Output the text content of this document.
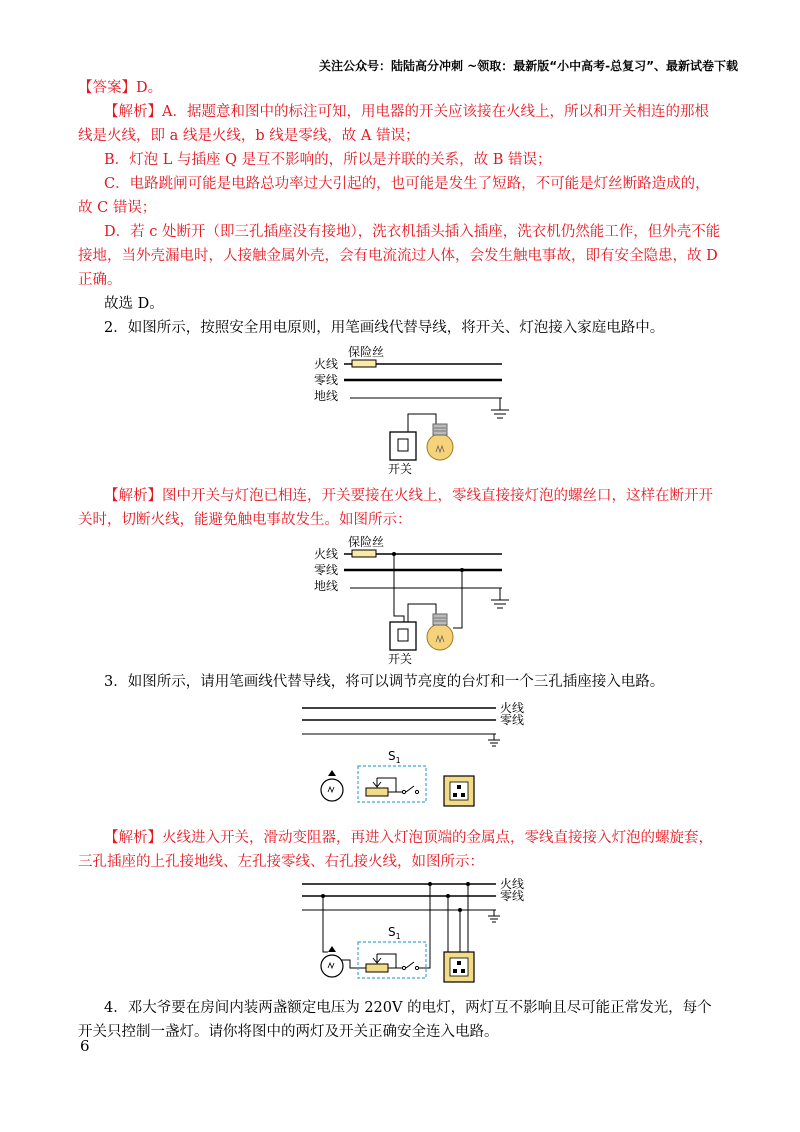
关注公众号：陆陆高分冲刺 ~领取：最新版“小中高考-总复习”、最新试卷下载
【答案】D。
【解析】A．据题意和图中的标注可知，用电器的开关应该接在火线上，所以和开关相连的那根线是火线，即 a 线是火线，b 线是零线，故 A 错误；
B．灯泡 L 与插座 Q 是互不影响的，所以是并联的关系，故 B 错误；
C．电路跳闸可能是电路总功率过大引起的，也可能是发生了短路，不可能是灯丝断路造成的，故 C 错误；
D．若 c 处断开（即三孔插座没有接地），洗衣机插头插入插座，洗衣机仍然能工作，但外壳不能接地，当外壳漏电时，人接触金属外壳，会有电流流过人体，会发生触电事故，即有安全隐患，故 D 正确。
故选 D。
2．如图所示，按照安全用电原则，用笔画线代替导线，将开关、灯泡接入家庭电路中。
火线
零线
地线
保险丝
开关
【解析】图中开关与灯泡已相连，开关要接在火线上，零线直接接灯泡的螺丝口，这样在断开开关时，切断火线，能避免触电事故发生。如图所示：
火线
零线
地线
保险丝
开关
3．如图所示，请用笔画线代替导线，将可以调节亮度的台灯和一个三孔插座接入电路。
火线
零线
$S_1$
【解析】火线进入开关，滑动变阻器，再进入灯泡顶端的金属点，零线直接接入灯泡的螺旋套，三孔插座的上孔接地线、左孔接零线、右孔接火线，如图所示：
火线
零线
$S_1$
4．邓大爷要在房间内装两盏额定电压为 220V 的电灯，两灯互不影响且尽可能正常发光，每个开关只控制一盏灯。请你将图中的两灯及开关正确安全连入电路。
6
